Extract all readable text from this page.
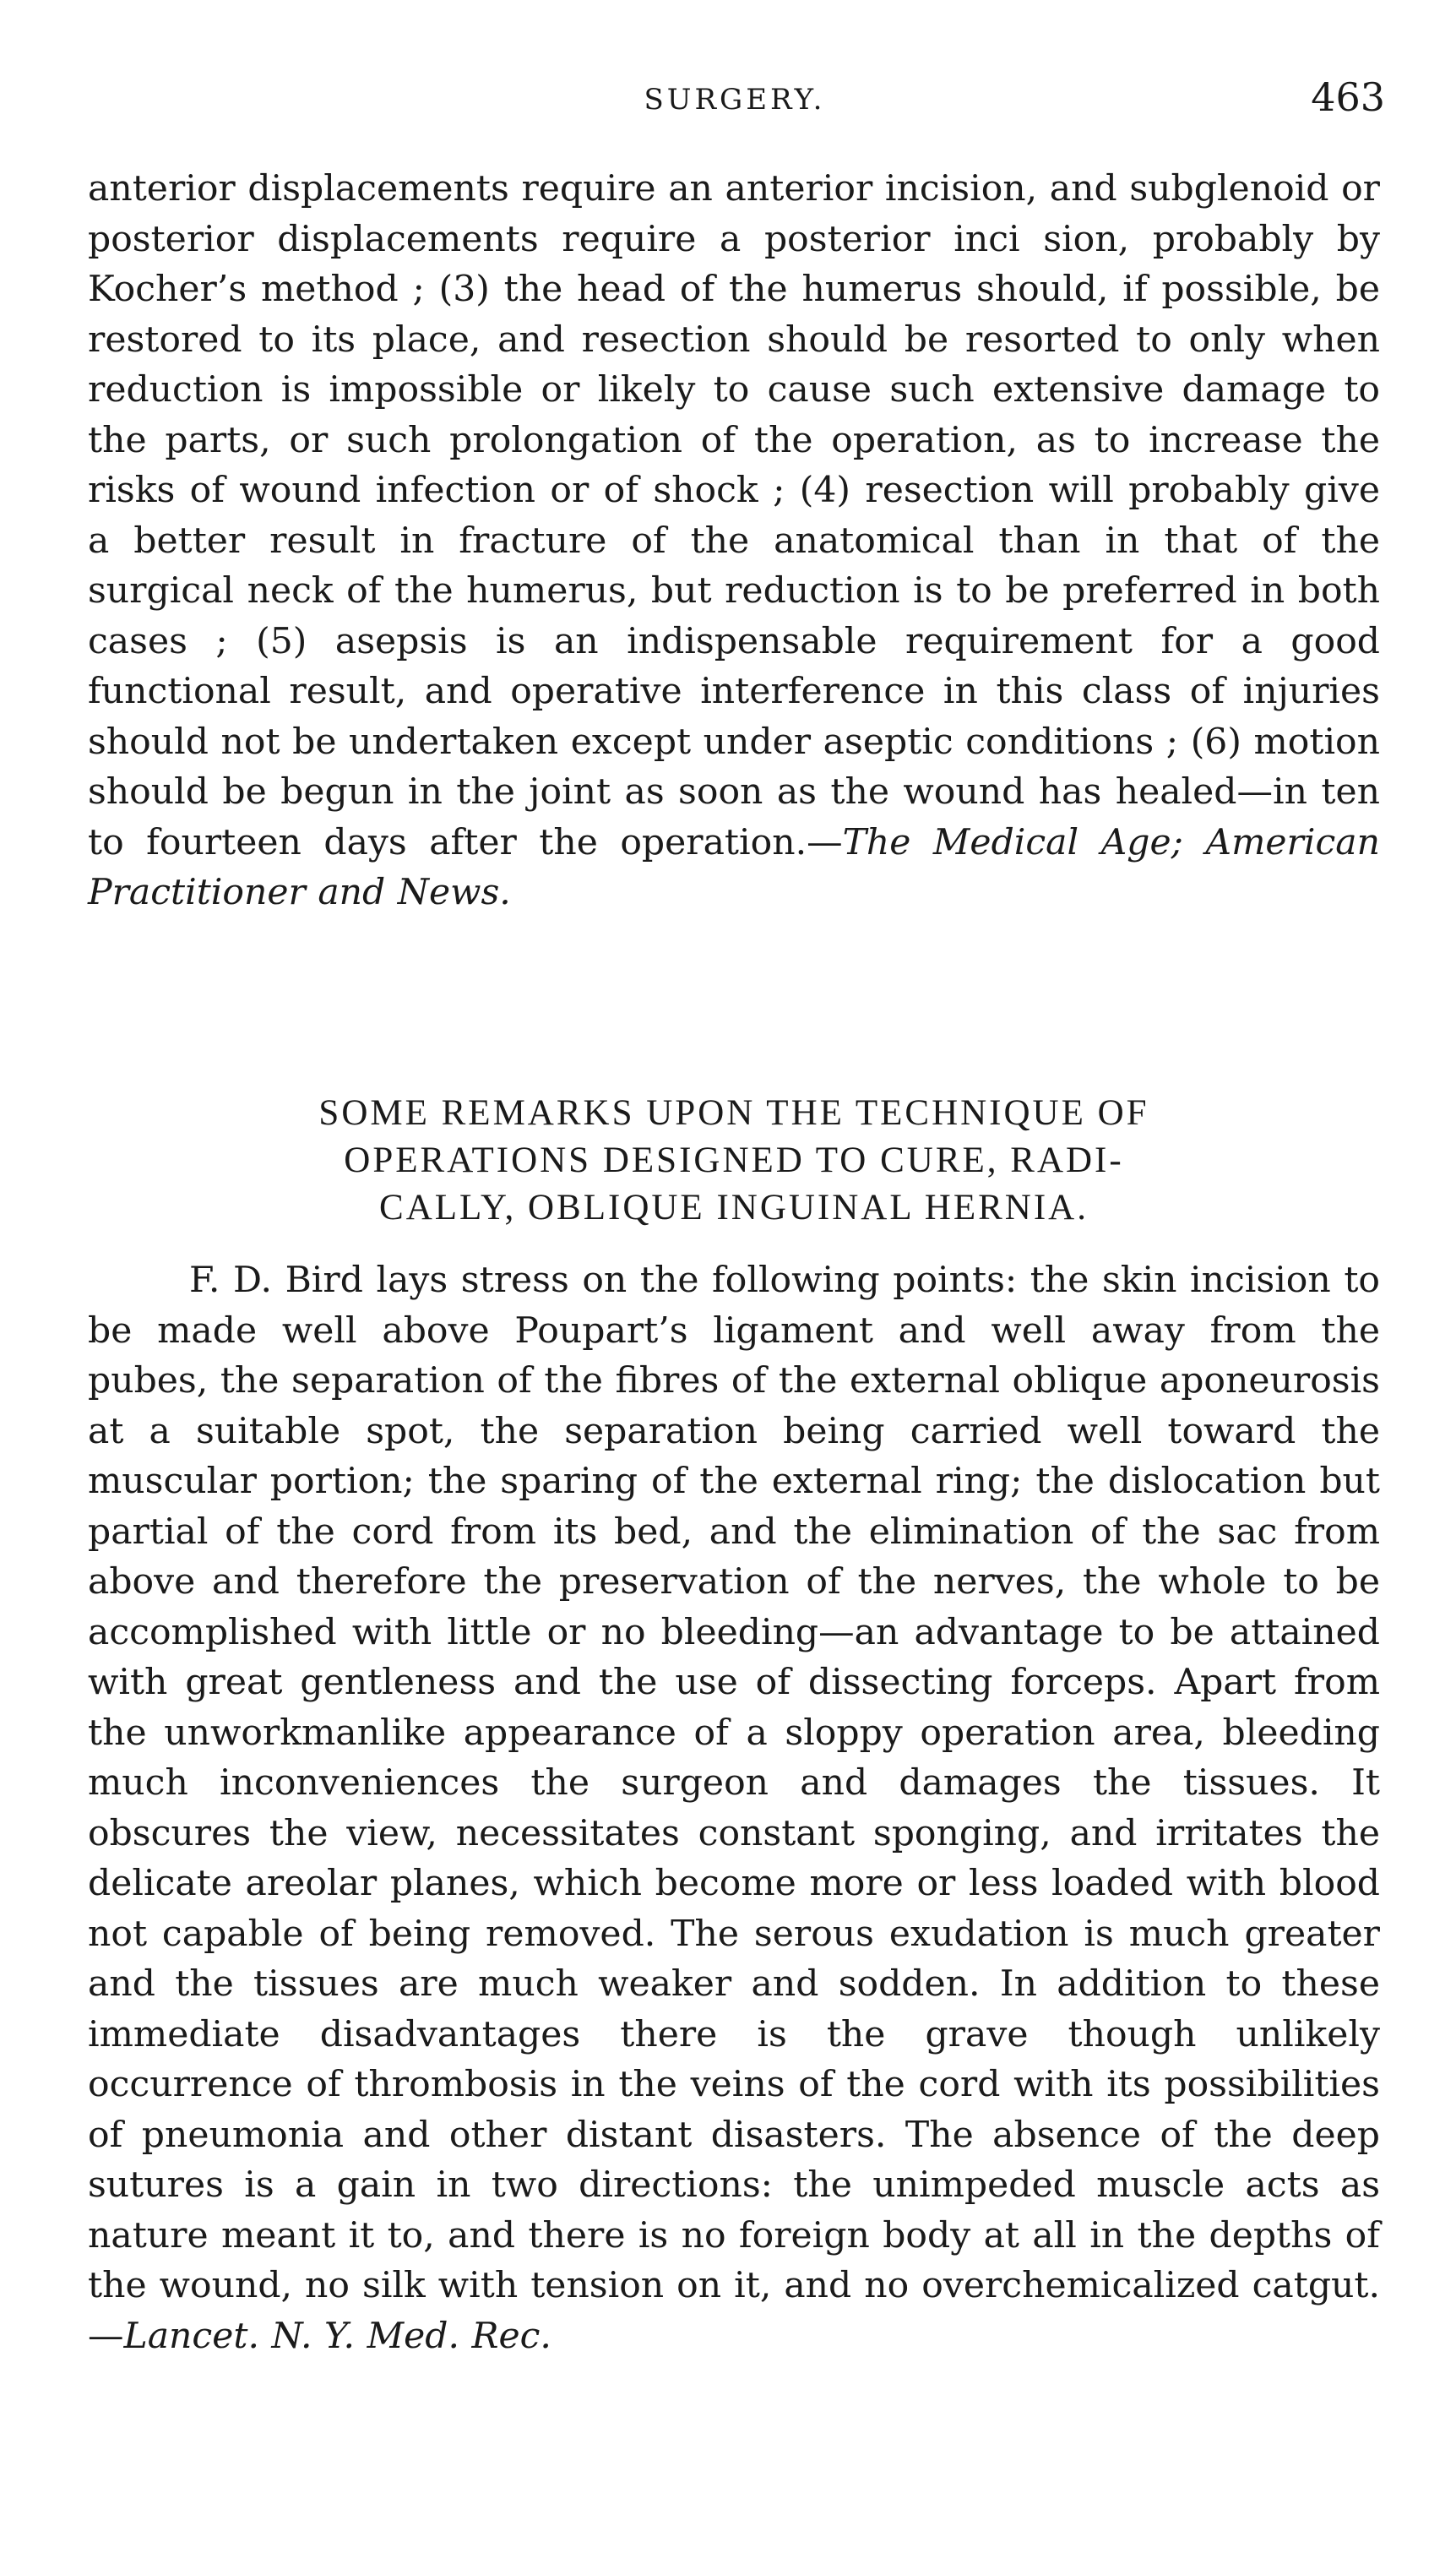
SURGERY.	463
anterior displacements require an anterior incision, and subglenoid or posterior displacements require a posterior inci sion, probably by Kocher’s method ; (3) the head of the humerus should, if possible, be restored to its place, and resection should be resorted to only when reduction is impossible or likely to cause such extensive damage to the parts, or such prolongation of the operation, as to increase the risks of wound infection or of shock ; (4) resection will probably give a better result in fracture of the anatomical than in that of the surgical neck of the humerus, but reduction is to be preferred in both cases ; (5) asepsis is an indispensable requirement for a good functional result, and operative interference in this class of injuries should not be undertaken except under aseptic conditions ; (6) motion should be begun in the joint as soon as the wound has healed—in ten to fourteen days after the operation.—The Medical Age; American Practitioner and News.
SOME REMARKS UPON THE TECHNIQUE OF
OPERATIONS DESIGNED TO CURE, RADI-
CALLY, OBLIQUE INGUINAL HERNIA.
F. D. Bird lays stress on the following points: the skin incision to be made well above Poupart’s ligament and well away from the pubes, the separation of the fibres of the external oblique aponeurosis at a suitable spot, the separation being carried well toward the muscular portion; the sparing of the external ring; the dislocation but partial of the cord from its bed, and the elimination of the sac from above and therefore the preservation of the nerves, the whole to be accomplished with little or no bleeding—an advantage to be attained with great gentleness and the use of dissecting forceps. Apart from the unworkmanlike appearance of a sloppy operation area, bleeding much inconveniences the surgeon and damages the tissues. It obscures the view, necessitates constant sponging, and irritates the delicate areolar planes, which become more or less loaded with blood not capable of being removed. The serous exudation is much greater and the tissues are much weaker and sodden. In addition to these immediate disadvantages there is the grave though unlikely occurrence of thrombosis in the veins of the cord with its possibilities of pneumonia and other distant disasters. The absence of the deep sutures is a gain in two directions: the unimpeded muscle acts as nature meant it to, and there is no foreign body at all in the depths of the wound, no silk with tension on it, and no overchemicalized catgut.—Lancet. N. Y. Med. Rec.
